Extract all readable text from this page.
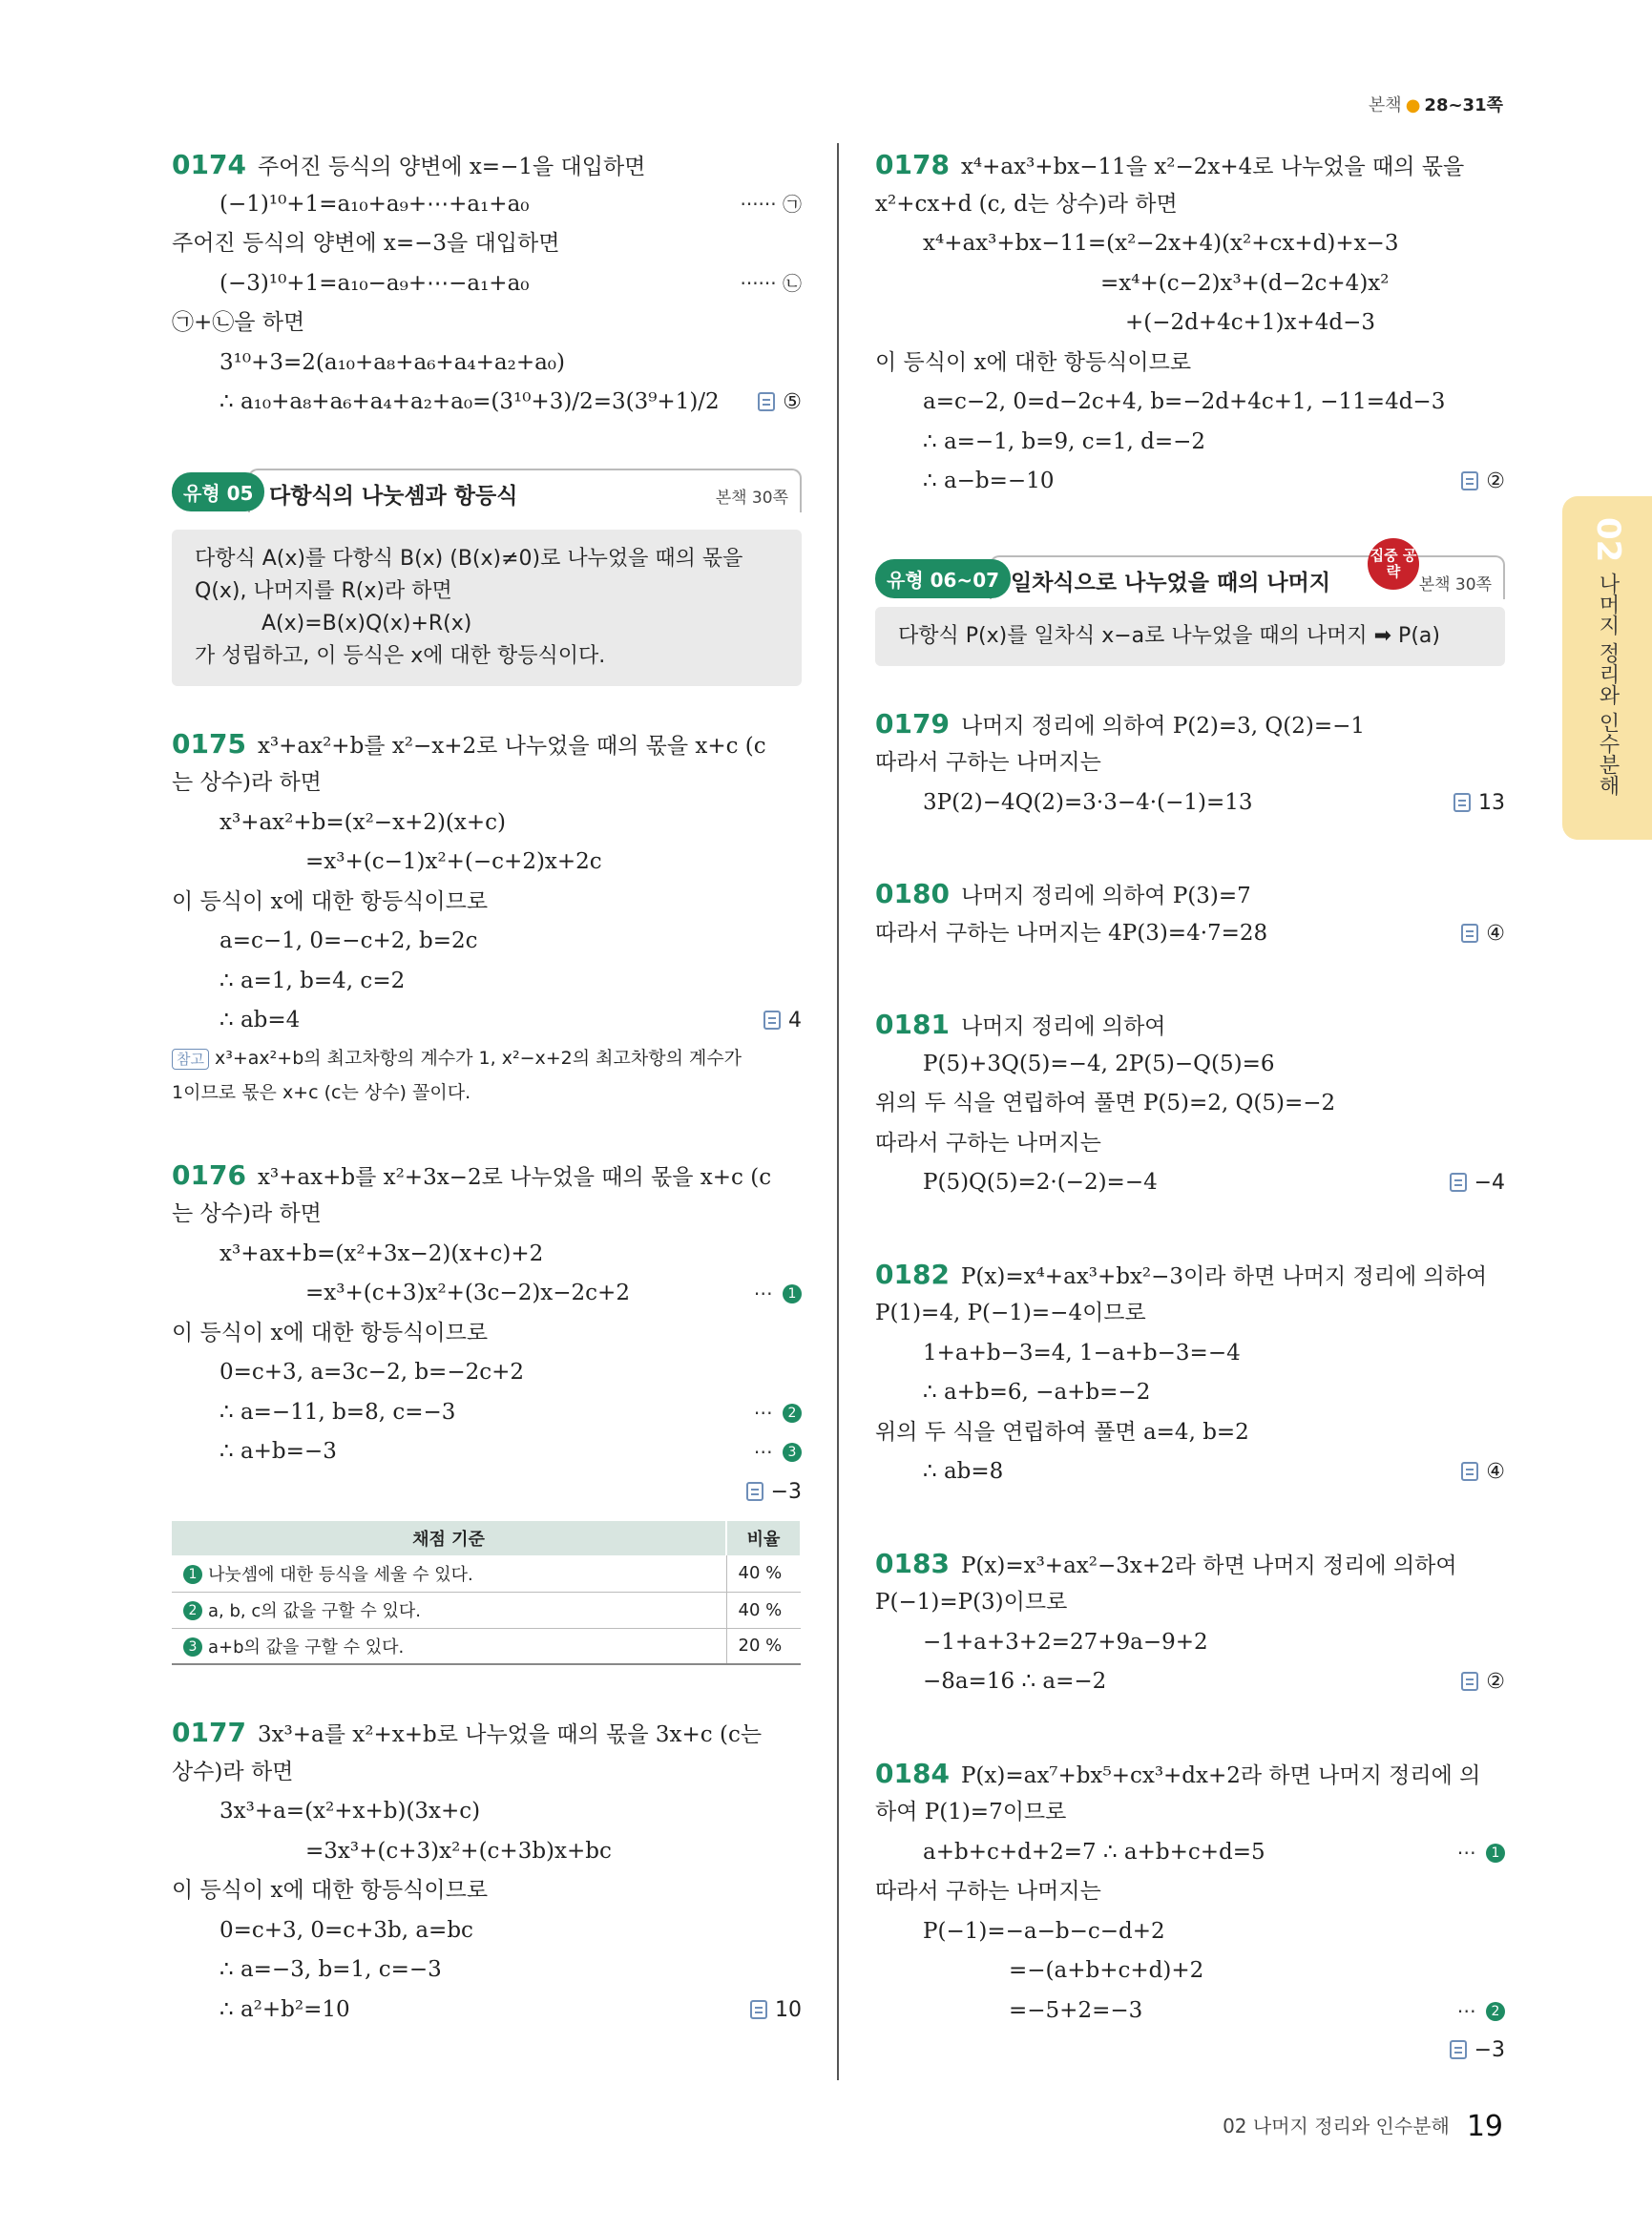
본책 ● 28~31쪽
0174 주어진 등식의 양변에 x=−1을 대입하면
(−1)¹⁰+1=a₁₀+a₉+⋯+a₁+a₀	······ ㉠
주어진 등식의 양변에 x=−3을 대입하면
(−3)¹⁰+1=a₁₀−a₉+⋯−a₁+a₀	······ ㉡
㉠+㉡을 하면
3¹⁰+3=2(a₁₀+a₈+a₆+a₄+a₂+a₀)
∴ a₁₀+a₈+a₆+a₄+a₂+a₀=(3¹⁰+3)/2=3(3⁹+1)/2	⑤
다항식의 나눗셈과 항등식	본책 30쪽
유형 05
다항식 A(x)를 다항식 B(x) (B(x)≠0)로 나누었을 때의 몫을
Q(x), 나머지를 R(x)라 하면
A(x)=B(x)Q(x)+R(x)
가 성립하고, 이 등식은 x에 대한 항등식이다.
0175 x³+ax²+b를 x²−x+2로 나누었을 때의 몫을 x+c (c
는 상수)라 하면
x³+ax²+b=(x²−x+2)(x+c)
=x³+(c−1)x²+(−c+2)x+2c
이 등식이 x에 대한 항등식이므로
a=c−1, 0=−c+2, b=2c
∴ a=1, b=4, c=2
∴ ab=4	4
참고 x³+ax²+b의 최고차항의 계수가 1, x²−x+2의 최고차항의 계수가
1이므로 몫은 x+c (c는 상수) 꼴이다.
0176 x³+ax+b를 x²+3x−2로 나누었을 때의 몫을 x+c (c
는 상수)라 하면
x³+ax+b=(x²+3x−2)(x+c)+2
=x³+(c+3)x²+(3c−2)x−2c+2	⋯ 1
이 등식이 x에 대한 항등식이므로
0=c+3, a=3c−2, b=−2c+2
∴ a=−11, b=8, c=−3	⋯ 2
∴ a+b=−3	⋯ 3
−3
채점 기준	비율
1 나눗셈에 대한 등식을 세울 수 있다.	40 %
2 a, b, c의 값을 구할 수 있다.	40 %
3 a+b의 값을 구할 수 있다.	20 %
0177 3x³+a를 x²+x+b로 나누었을 때의 몫을 3x+c (c는
상수)라 하면
3x³+a=(x²+x+b)(3x+c)
=3x³+(c+3)x²+(c+3b)x+bc
이 등식이 x에 대한 항등식이므로
0=c+3, 0=c+3b, a=bc
∴ a=−3, b=1, c=−3
∴ a²+b²=10	10
0178 x⁴+ax³+bx−11을 x²−2x+4로 나누었을 때의 몫을
x²+cx+d (c, d는 상수)라 하면
x⁴+ax³+bx−11=(x²−2x+4)(x²+cx+d)+x−3
=x⁴+(c−2)x³+(d−2c+4)x²
+(−2d+4c+1)x+4d−3
이 등식이 x에 대한 항등식이므로
a=c−2, 0=d−2c+4, b=−2d+4c+1, −11=4d−3
∴ a=−1, b=9, c=1, d=−2
∴ a−b=−10	②
일차식으로 나누었을 때의 나머지
집중 공략
본책 30쪽
유형 06~07
다항식 P(x)를 일차식 x−a로 나누었을 때의 나머지 ➡ P(a)
0179 나머지 정리에 의하여 P(2)=3, Q(2)=−1
따라서 구하는 나머지는
3P(2)−4Q(2)=3·3−4·(−1)=13	13
0180 나머지 정리에 의하여 P(3)=7
따라서 구하는 나머지는 4P(3)=4·7=28	④
0181 나머지 정리에 의하여
P(5)+3Q(5)=−4, 2P(5)−Q(5)=6
위의 두 식을 연립하여 풀면 P(5)=2, Q(5)=−2
따라서 구하는 나머지는
P(5)Q(5)=2·(−2)=−4	−4
0182 P(x)=x⁴+ax³+bx²−3이라 하면 나머지 정리에 의하여
P(1)=4, P(−1)=−4이므로
1+a+b−3=4, 1−a+b−3=−4
∴ a+b=6, −a+b=−2
위의 두 식을 연립하여 풀면 a=4, b=2
∴ ab=8	④
0183 P(x)=x³+ax²−3x+2라 하면 나머지 정리에 의하여
P(−1)=P(3)이므로
−1+a+3+2=27+9a−9+2
−8a=16 ∴ a=−2	②
0184 P(x)=ax⁷+bx⁵+cx³+dx+2라 하면 나머지 정리에 의
하여 P(1)=7이므로
a+b+c+d+2=7 ∴ a+b+c+d=5	⋯ 1
따라서 구하는 나머지는
P(−1)=−a−b−c−d+2
=−(a+b+c+d)+2
=−5+2=−3	⋯ 2
−3
02
나머지 정리와 인수분해
02 나머지 정리와 인수분해 19
